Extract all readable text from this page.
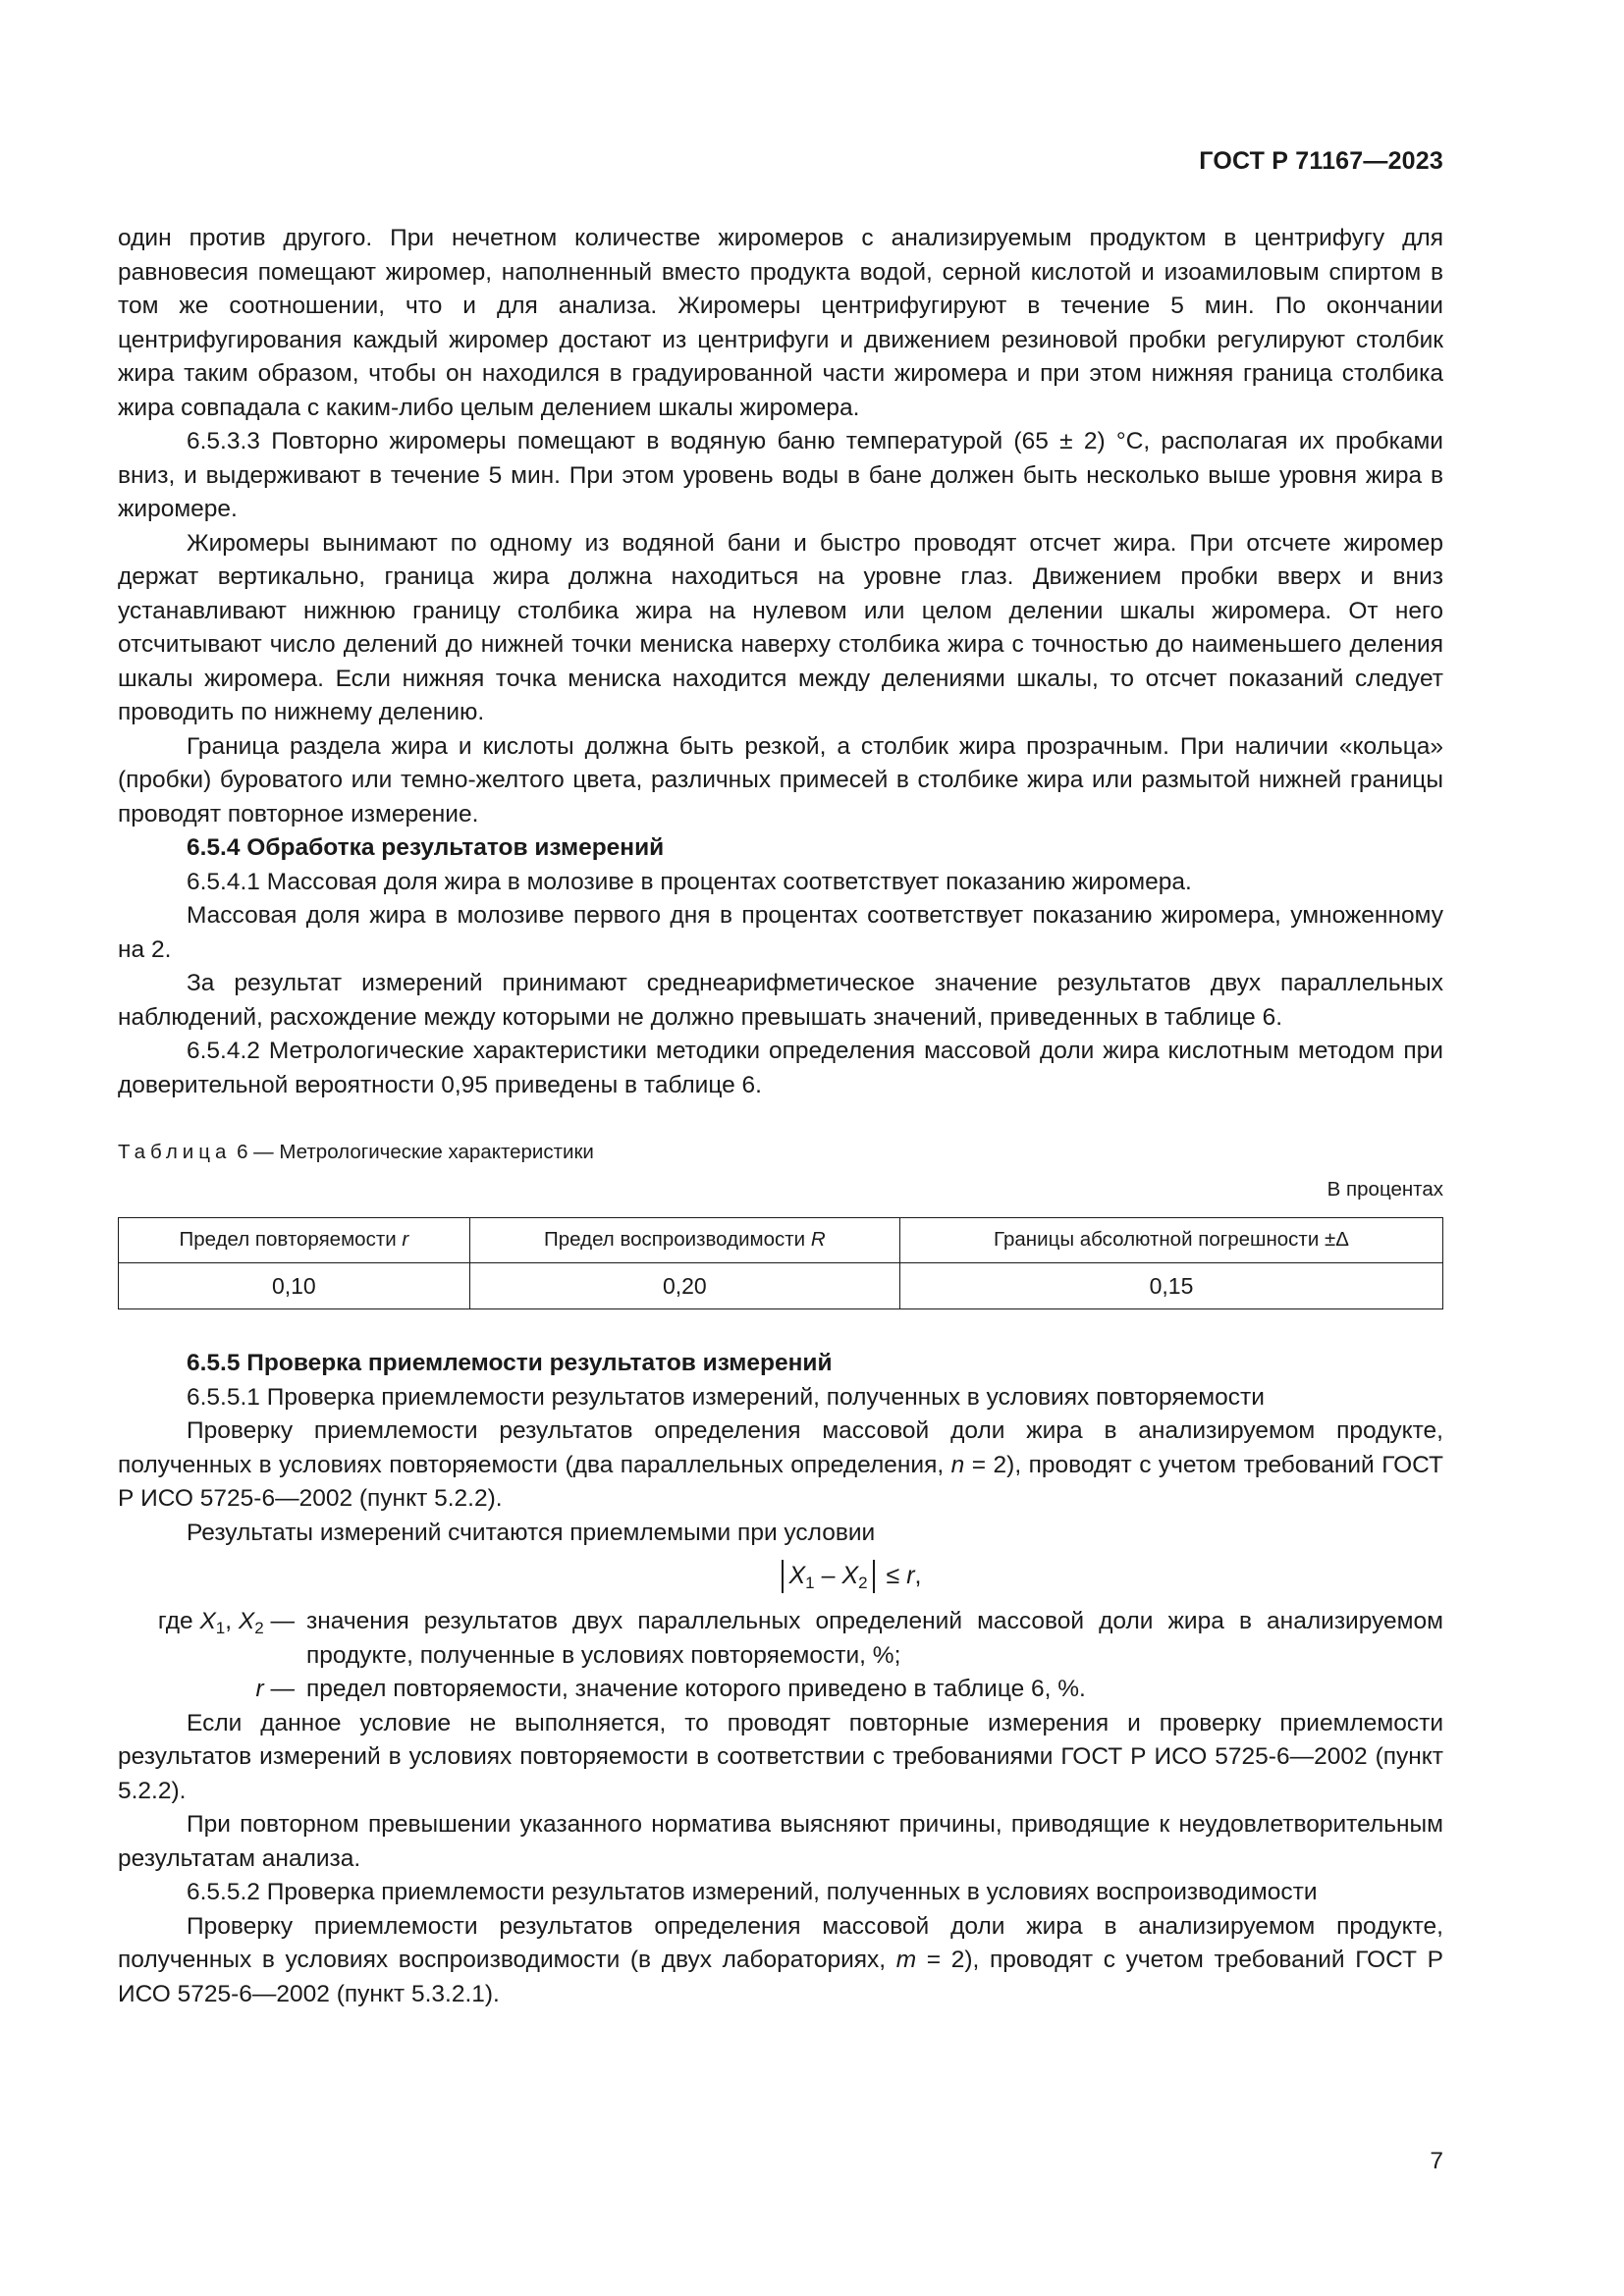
ГОСТ Р 71167—2023

один против другого. При нечетном количестве жиромеров с анализируемым продуктом в центрифугу для равновесия помещают жиромер, наполненный вместо продукта водой, серной кислотой и изоамиловым спиртом в том же соотношении, что и для анализа. Жиромеры центрифугируют в течение 5 мин. По окончании центрифугирования каждый жиромер достают из центрифуги и движением резиновой пробки регулируют столбик жира таким образом, чтобы он находился в градуированной части жиромера и при этом нижняя граница столбика жира совпадала с каким-либо целым делением шкалы жиромера.

6.5.3.3 Повторно жиромеры помещают в водяную баню температурой (65 ± 2) °С, располагая их пробками вниз, и выдерживают в течение 5 мин. При этом уровень воды в бане должен быть несколько выше уровня жира в жиромере.

Жиромеры вынимают по одному из водяной бани и быстро проводят отсчет жира. При отсчете жиромер держат вертикально, граница жира должна находиться на уровне глаз. Движением пробки вверх и вниз устанавливают нижнюю границу столбика жира на нулевом или целом делении шкалы жиромера. От него отсчитывают число делений до нижней точки мениска наверху столбика жира с точностью до наименьшего деления шкалы жиромера. Если нижняя точка мениска находится между делениями шкалы, то отсчет показаний следует проводить по нижнему делению.

Граница раздела жира и кислоты должна быть резкой, а столбик жира прозрачным. При наличии «кольца» (пробки) буроватого или темно-желтого цвета, различных примесей в столбике жира или размытой нижней границы проводят повторное измерение.

6.5.4 Обработка результатов измерений

6.5.4.1 Массовая доля жира в молозиве в процентах соответствует показанию жиромера.

Массовая доля жира в молозиве первого дня в процентах соответствует показанию жиромера, умноженному на 2.

За результат измерений принимают среднеарифметическое значение результатов двух параллельных наблюдений, расхождение между которыми не должно превышать значений, приведенных в таблице 6.

6.5.4.2 Метрологические характеристики методики определения массовой доли жира кислотным методом при доверительной вероятности 0,95 приведены в таблице 6.

Таблица 6 — Метрологические характеристики
В процентах
Предел повторяемости r	Предел воспроизводимости R	Границы абсолютной погрешности ±Δ
0,10	0,20	0,15

6.5.5 Проверка приемлемости результатов измерений

6.5.5.1 Проверка приемлемости результатов измерений, полученных в условиях повторяемости

Проверку приемлемости результатов определения массовой доли жира в анализируемом продукте, полученных в условиях повторяемости (два параллельных определения, n = 2), проводят с учетом требований ГОСТ Р ИСО 5725-6—2002 (пункт 5.2.2).

Результаты измерений считаются приемлемыми при условии

$X_1 - X_2 \le r$,
где $X_1$, $X_2$ — значения результатов двух параллельных определений массовой доли жира в анализируемом продукте, полученные в условиях повторяемости, %;
r — предел повторяемости, значение которого приведено в таблице 6, %.

Если данное условие не выполняется, то проводят повторные измерения и проверку приемлемости результатов измерений в условиях повторяемости в соответствии с требованиями ГОСТ Р ИСО 5725-6—2002 (пункт 5.2.2).

При повторном превышении указанного норматива выясняют причины, приводящие к неудовлетворительным результатам анализа.

6.5.5.2 Проверка приемлемости результатов измерений, полученных в условиях воспроизводимости

Проверку приемлемости результатов определения массовой доли жира в анализируемом продукте, полученных в условиях воспроизводимости (в двух лабораториях, m = 2), проводят с учетом требований ГОСТ Р ИСО 5725-6—2002 (пункт 5.3.2.1).

7
